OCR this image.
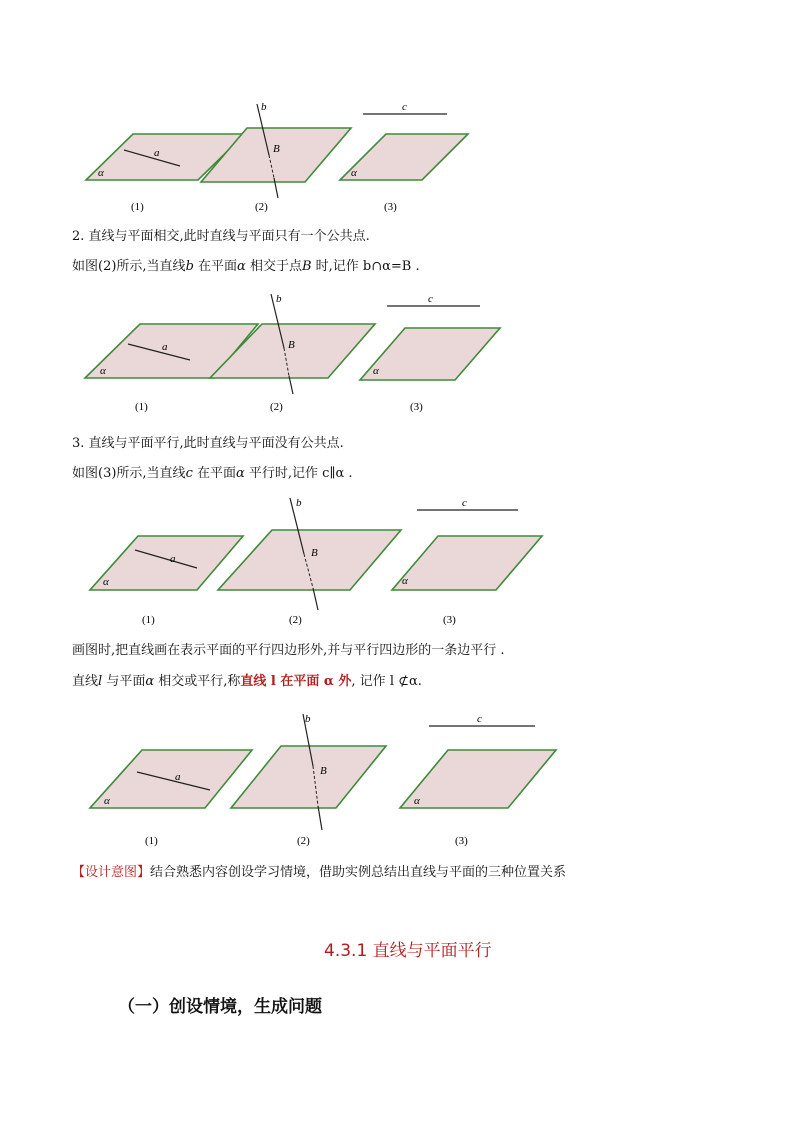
a
α
b
B
c
α
(1)	(2)	(3)
2. 直线与平面相交,此时直线与平面只有一个公共点.
如图(2)所示,当直线b 在平面α 相交于点B 时,记作 b∩α=B .
a
α
b
B
c
α
(1)	(2)	(3)
3. 直线与平面平行,此时直线与平面没有公共点.
如图(3)所示,当直线c 在平面α 平行时,记作 c∥α .
a
α
b
B
c
α
(1)	(2)	(3)
画图时,把直线画在表示平面的平行四边形外,并与平行四边形的一条边平行 .
直线l 与平面α 相交或平行,称直线 l 在平面 α 外, 记作 l ⊄α.
a
α
b
B
c
α
(1)	(2)	(3)
【设计意图】结合熟悉内容创设学习情境，借助实例总结出直线与平面的三种位置关系
4.3.1 直线与平面平行
（一）创设情境，生成问题
